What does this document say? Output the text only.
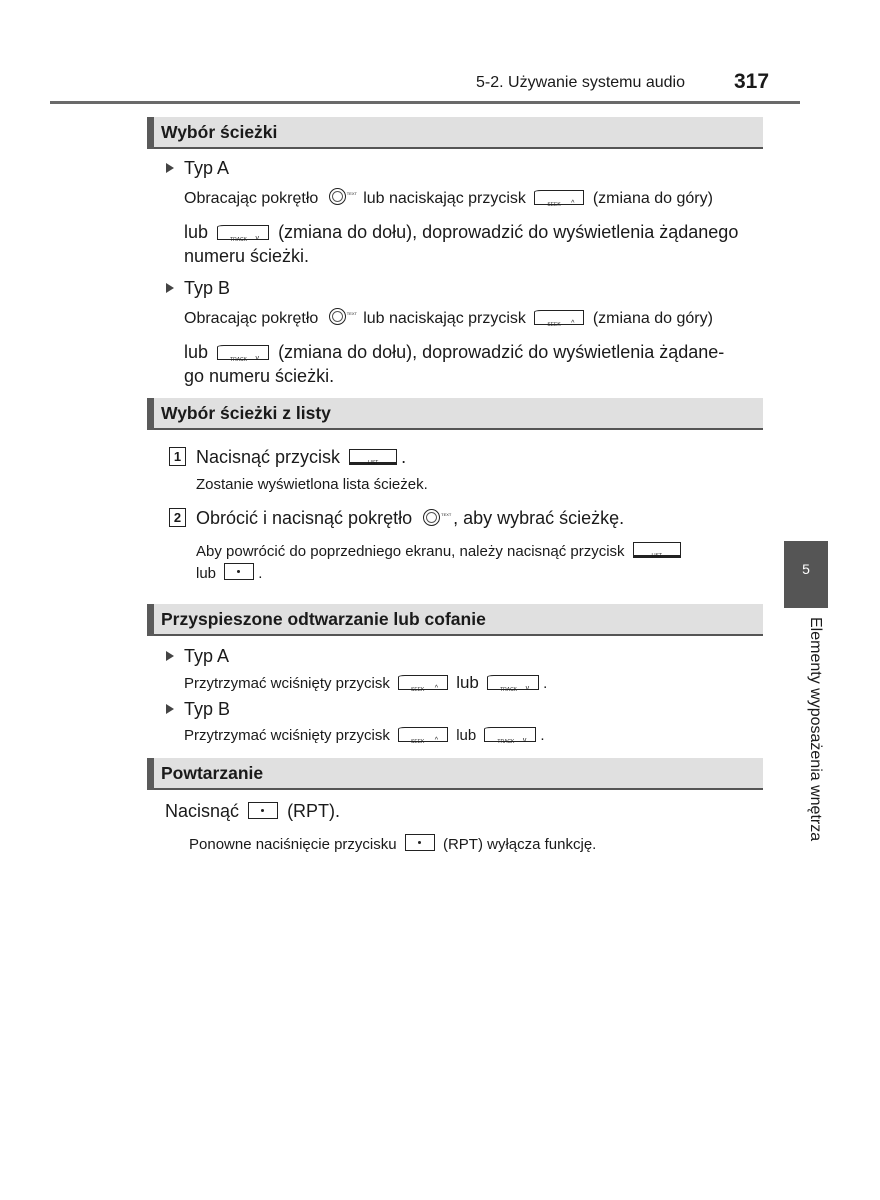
5-2. Używanie systemu audio 317
5
Elementy wyposażenia wnętrza
Wybór ścieżki
Typ A
Obracając pokrętło	TEXT lub naciskając przycisk	SEEK ^ (zmiana do góry)
lub	TRACK v (zmiana do dołu), doprowadzić do wyświetlenia żądanego
numeru ścieżki.
Typ B
Obracając pokrętło	TEXT lub naciskając przycisk	SEEK ^ (zmiana do góry)
lub	TRACK v (zmiana do dołu), doprowadzić do wyświetlenia żądane-
go numeru ścieżki.
Wybór ścieżki z listy
1 Nacisnąć przycisk	LIST	.
Zostanie wyświetlona lista ścieżek.
2 Obrócić i nacisnąć pokrętło	TEXT , aby wybrać ścieżkę.
Aby powrócić do poprzedniego ekranu, należy nacisnąć przycisk	LIST
lub	.
Przyspieszone odtwarzanie lub cofanie
Typ A
Przytrzymać wciśnięty przycisk	SEEK ^ lub	TRACK v .
Typ B
Przytrzymać wciśnięty przycisk	SEEK ^ lub	TRACK v .
Powtarzanie
Nacisnąć	(RPT).
Ponowne naciśnięcie przycisku	(RPT) wyłącza funkcję.
